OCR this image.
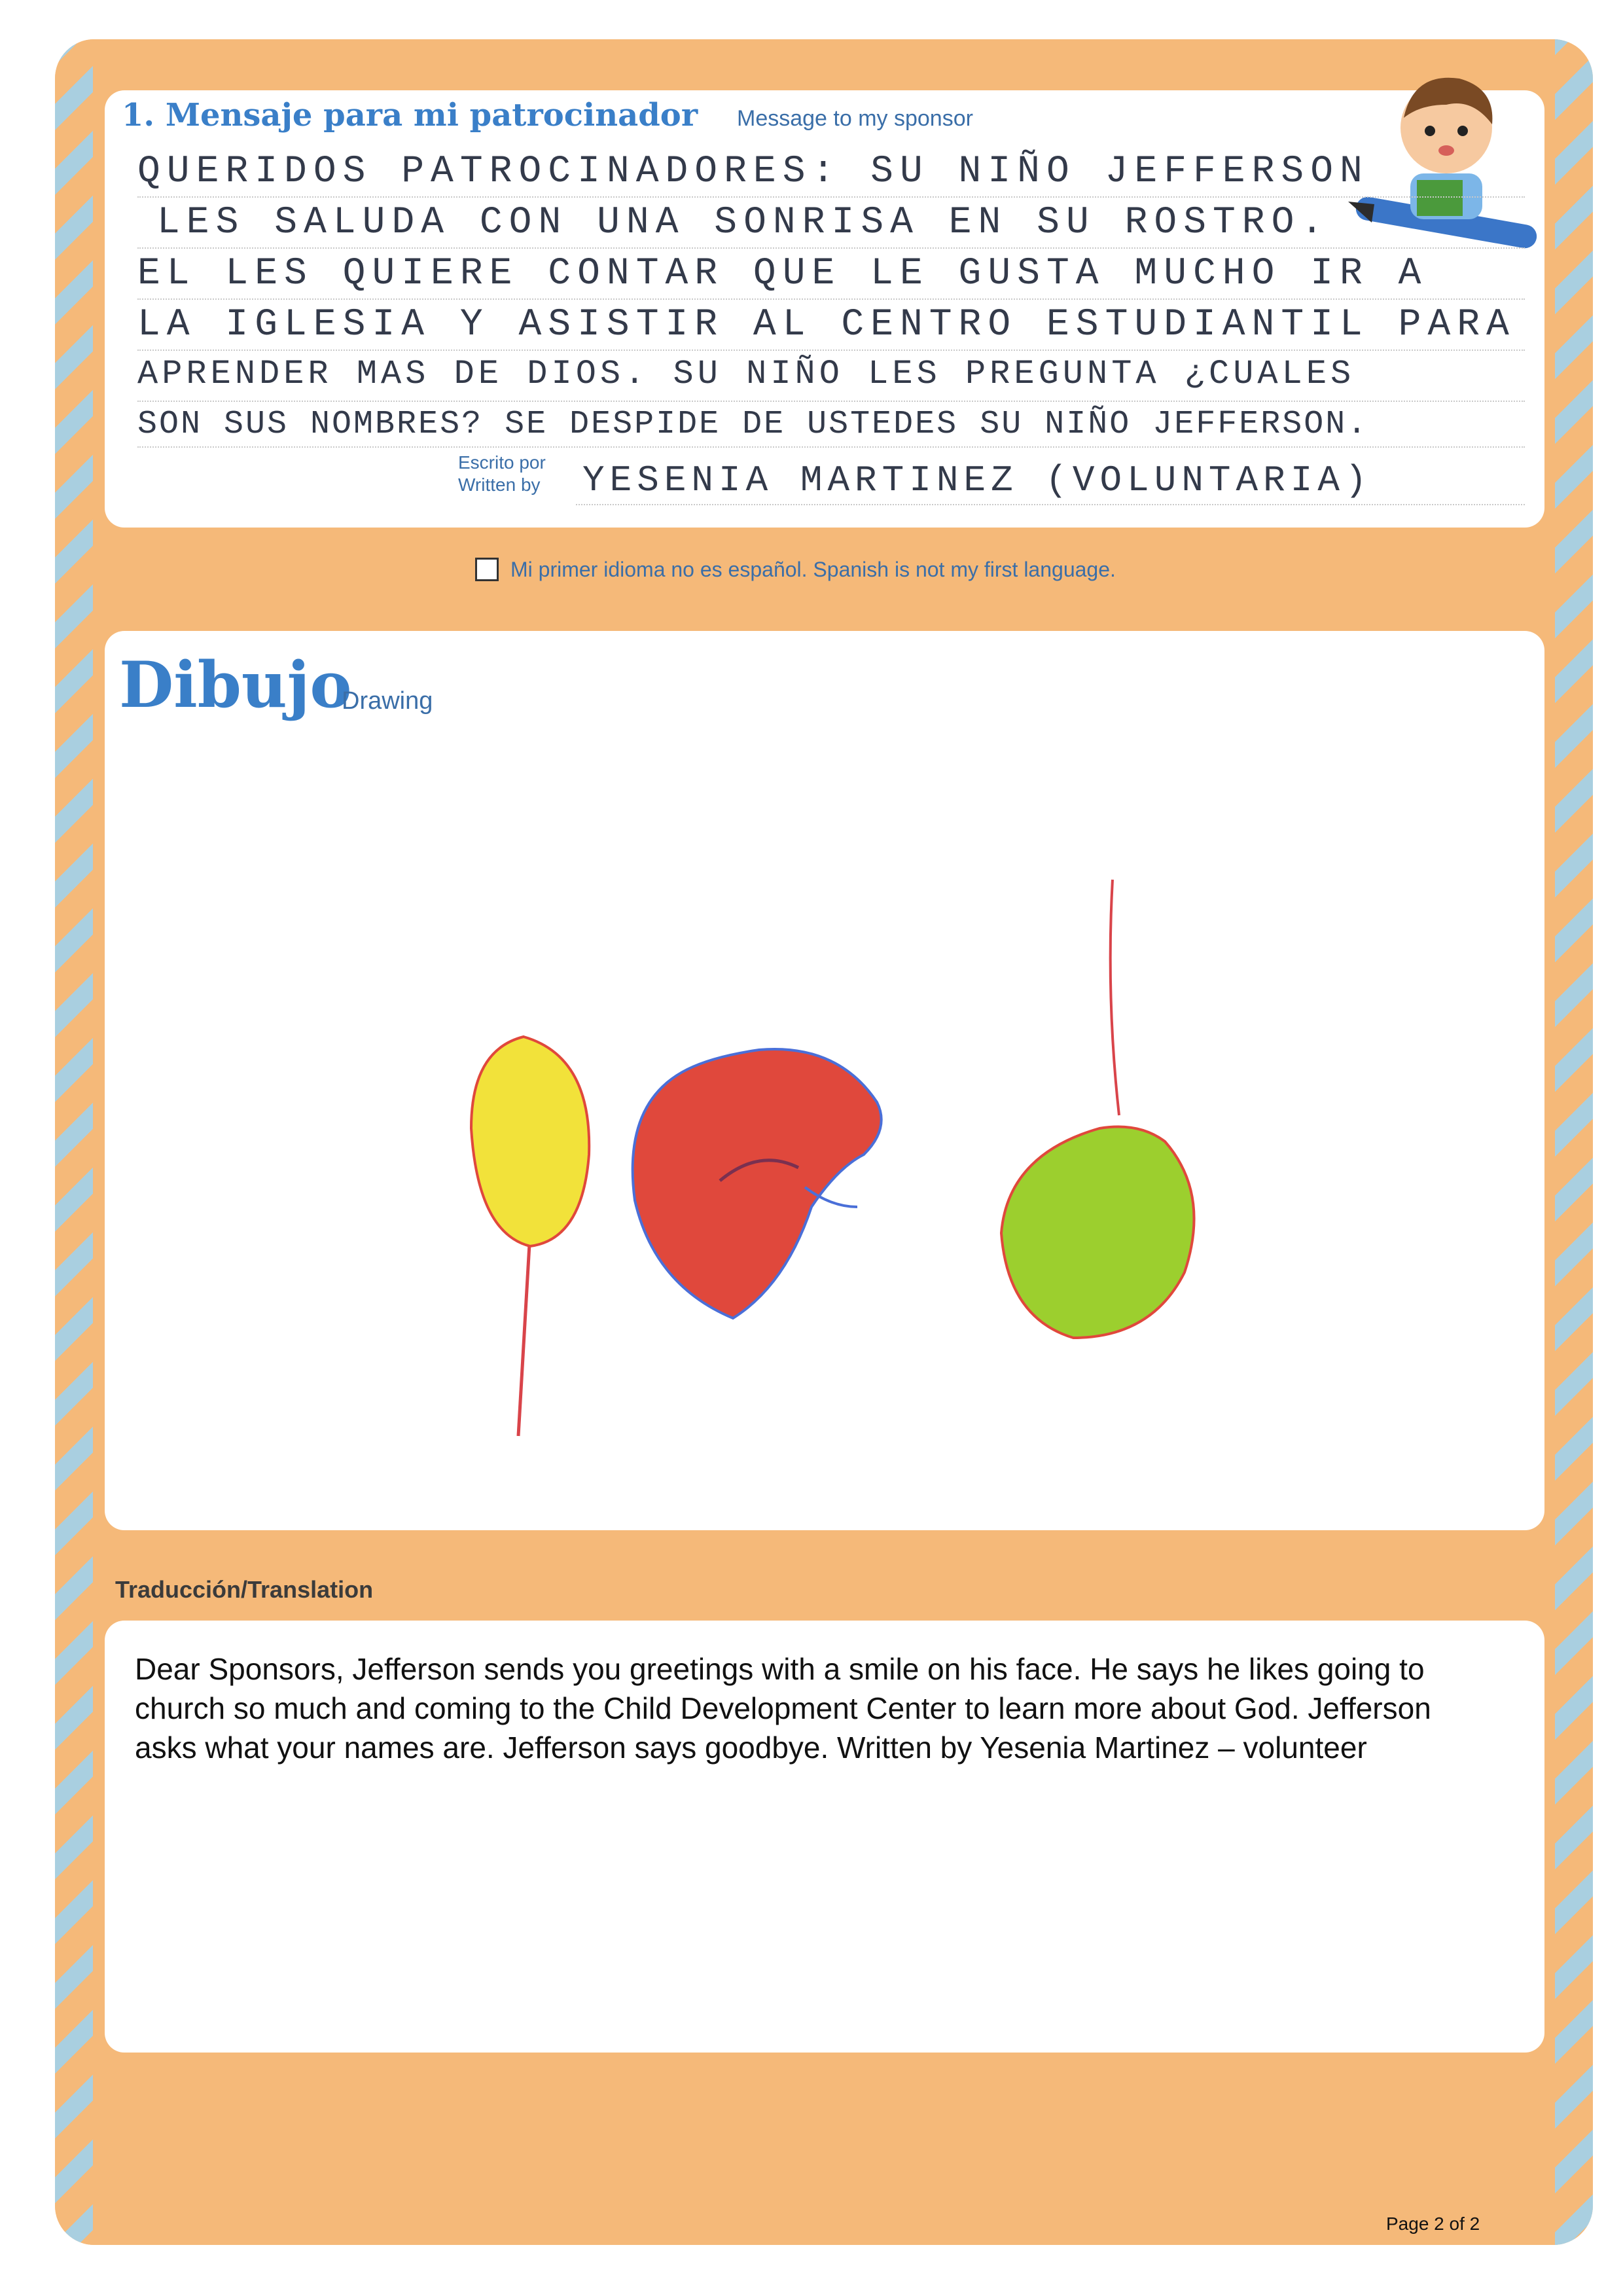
1. Mensaje para mi patrocinador Message to my sponsor
QUERIDOS PATROCINADORES: SU NIÑO JEFFERSON
LES SALUDA CON UNA SONRISA EN SU ROSTRO.
EL LES QUIERE CONTAR QUE LE GUSTA MUCHO IR A
LA IGLESIA Y ASISTIR AL CENTRO ESTUDIANTIL PARA
APRENDER MAS DE DIOS. SU NIÑO LES PREGUNTA ¿CUALES
SON SUS NOMBRES? SE DESPIDE DE USTEDES SU NIÑO JEFFERSON.
Escrito por
Written by YESENIA MARTINEZ (VOLUNTARIA)
Mi primer idioma no es español. Spanish is not my first language.
Dibujo
Drawing
Traducción/Translation
Dear Sponsors, Jefferson sends you greetings with a smile on his face. He says he likes going to church so much and coming to the Child Development Center to learn more about God. Jefferson asks what your names are. Jefferson says goodbye. Written by Yesenia Martinez – volunteer
Page 2 of 2
